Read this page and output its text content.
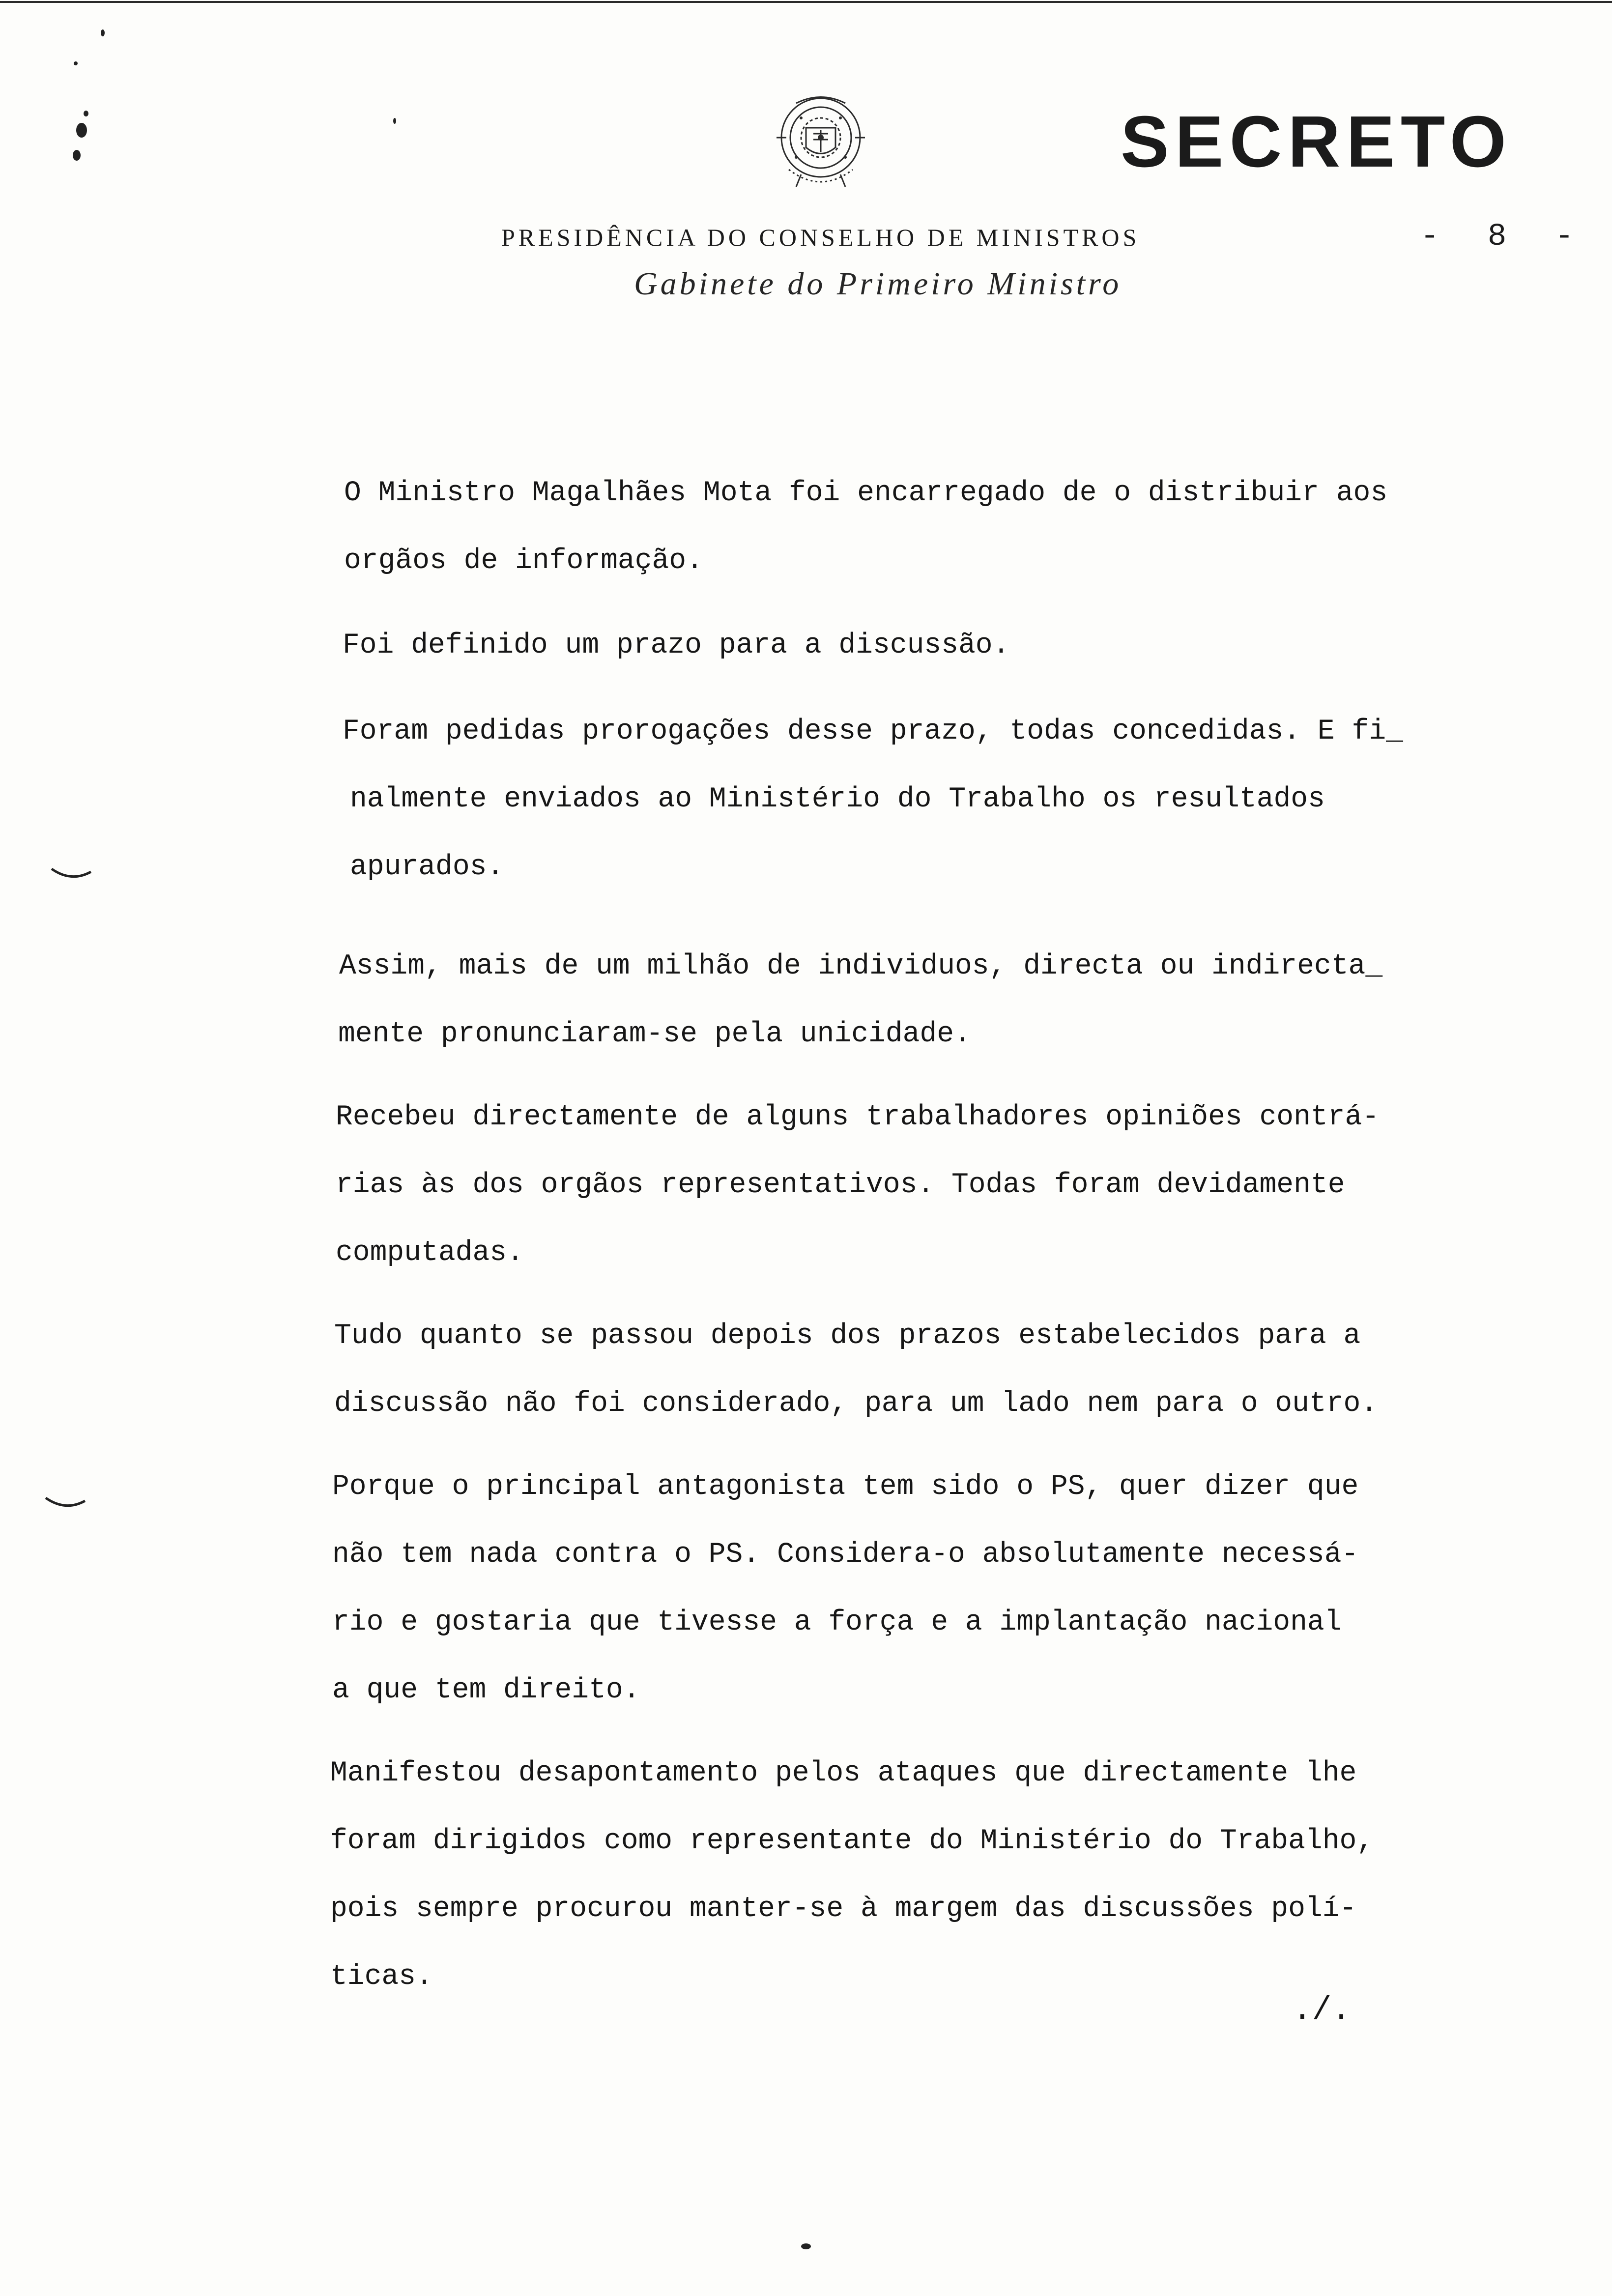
SECRETO
- 8 -
PRESIDÊNCIA DO CONSELHO DE MINISTROS
Gabinete do Primeiro Ministro
O Ministro Magalhães Mota foi encarregado de o distribuir aos
orgãos de informação.
Foi definido um prazo para a discussão.
Foram pedidas prorogações desse prazo, todas concedidas. E fi_
nalmente enviados ao Ministério do Trabalho os resultados
apurados.
Assim, mais de um milhão de individuos, directa ou indirecta_
mente pronunciaram-se pela unicidade.
Recebeu directamente de alguns trabalhadores opiniões contrá-
rias às dos orgãos representativos. Todas foram devidamente
computadas.
Tudo quanto se passou depois dos prazos estabelecidos para a
discussão não foi considerado, para um lado nem para o outro.
Porque o principal antagonista tem sido o PS, quer dizer que
não tem nada contra o PS. Considera-o absolutamente necessá-
rio e gostaria que tivesse a força e a implantação nacional
a que tem direito.
Manifestou desapontamento pelos ataques que directamente lhe
foram dirigidos como representante do Ministério do Trabalho,
pois sempre procurou manter-se à margem das discussões polí-
ticas.
./.
